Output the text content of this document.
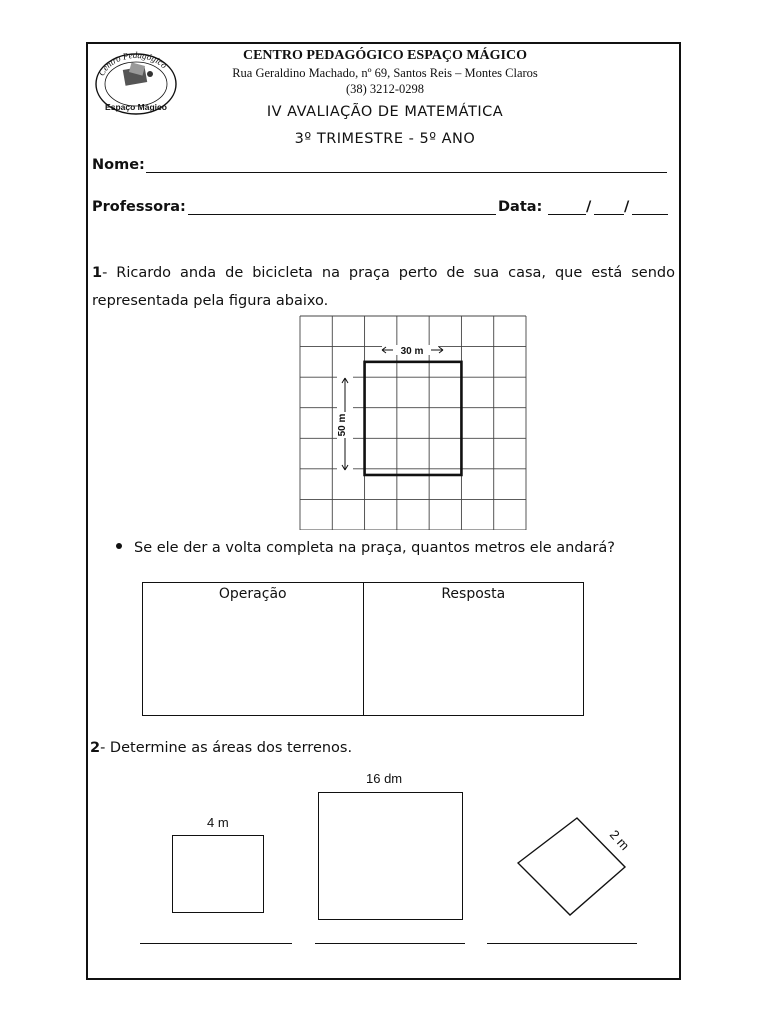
Centro Pedagógico
Espaço Mágico
CENTRO PEDAGÓGICO ESPAÇO MÁGICO
Rua Geraldino Machado, nº 69, Santos Reis – Montes Claros
(38) 3212-0298
IV AVALIAÇÃO DE MATEMÁTICA
3º TRIMESTRE - 5º ANO
Nome:
Professora:	Data:	/ /
1- Ricardo anda de bicicleta na praça perto de sua casa, que está sendo
representada pela figura abaixo.
30 m
50 m
Se ele der a volta completa na praça, quantos metros ele andará?
Operação	Resposta
2- Determine as áreas dos terrenos.
4 m
16 dm
2 m
